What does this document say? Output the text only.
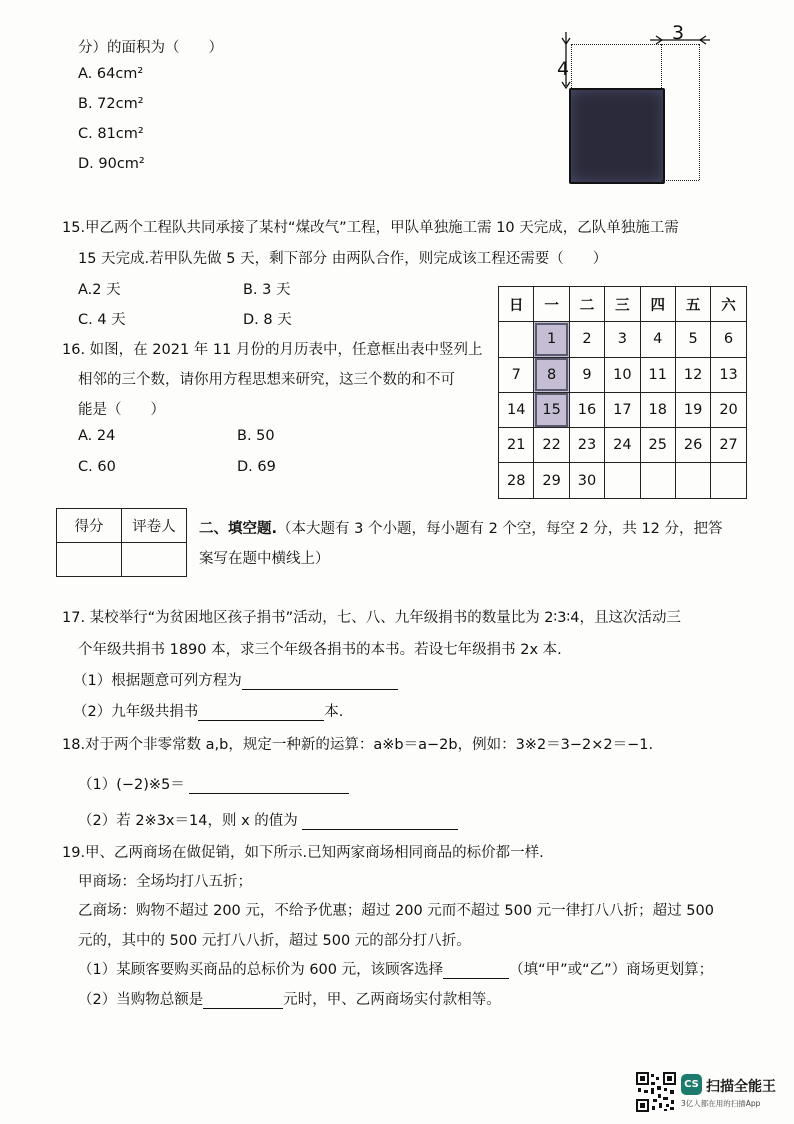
分）的面积为（　　）
A. 64cm²
B. 72cm²
C. 81cm²
D. 90cm²
3
4
15.甲乙两个工程队共同承接了某村“煤改气”工程，甲队单独施工需 10 天完成，乙队单独施工需
15 天完成.若甲队先做 5 天，剩下部分 由两队合作，则完成该工程还需要（　　）
A.2 天	B. 3 天
C. 4 天	D. 8 天
16. 如图，在 2021 年 11 月份的月历表中，任意框出表中竖列上
相邻的三个数，请你用方程思想来研究，这三个数的和不可
能是（　　）
A. 24	B. 50
C. 60	D. 69
日	一	二	三	四	五	六
	1	2	3	4	5	6
7	8	9	10	11	12	13
14	15	16	17	18	19	20
21	22	23	24	25	26	27
28	29	30				
得分	评卷人
	二、填空题.（本大题有 3 个小题，每小题有 2 个空，每空 2 分，共 12 分，把答
案写在题中横线上）
17. 某校举行“为贫困地区孩子捐书”活动，七、八、九年级捐书的数量比为 2∶3∶4，且这次活动三
个年级共捐书 1890 本，求三个年级各捐书的本书。若设七年级捐书 2x 本.
（1）根据题意可列方程为
（2）九年级共捐书	本.
18.对于两个非零常数 a,b，规定一种新的运算：a※b＝a−2b，例如：3※2＝3−2×2＝−1.
（1）(−2)※5＝
（2）若 2※3x＝14，则 x 的值为
19.甲、乙两商场在做促销，如下所示.已知两家商场相同商品的标价都一样.
甲商场：全场均打八五折；
乙商场：购物不超过 200 元，不给予优惠；超过 200 元而不超过 500 元一律打八八折；超过 500
元的，其中的 500 元打八八折，超过 500 元的部分打八折。
（1）某顾客要购买商品的总标价为 600 元，该顾客选择	（填“甲”或“乙”）商场更划算；
（2）当购物总额是	元时，甲、乙两商场实付款相等。
CS 扫描全能王
3亿人都在用的扫描App
